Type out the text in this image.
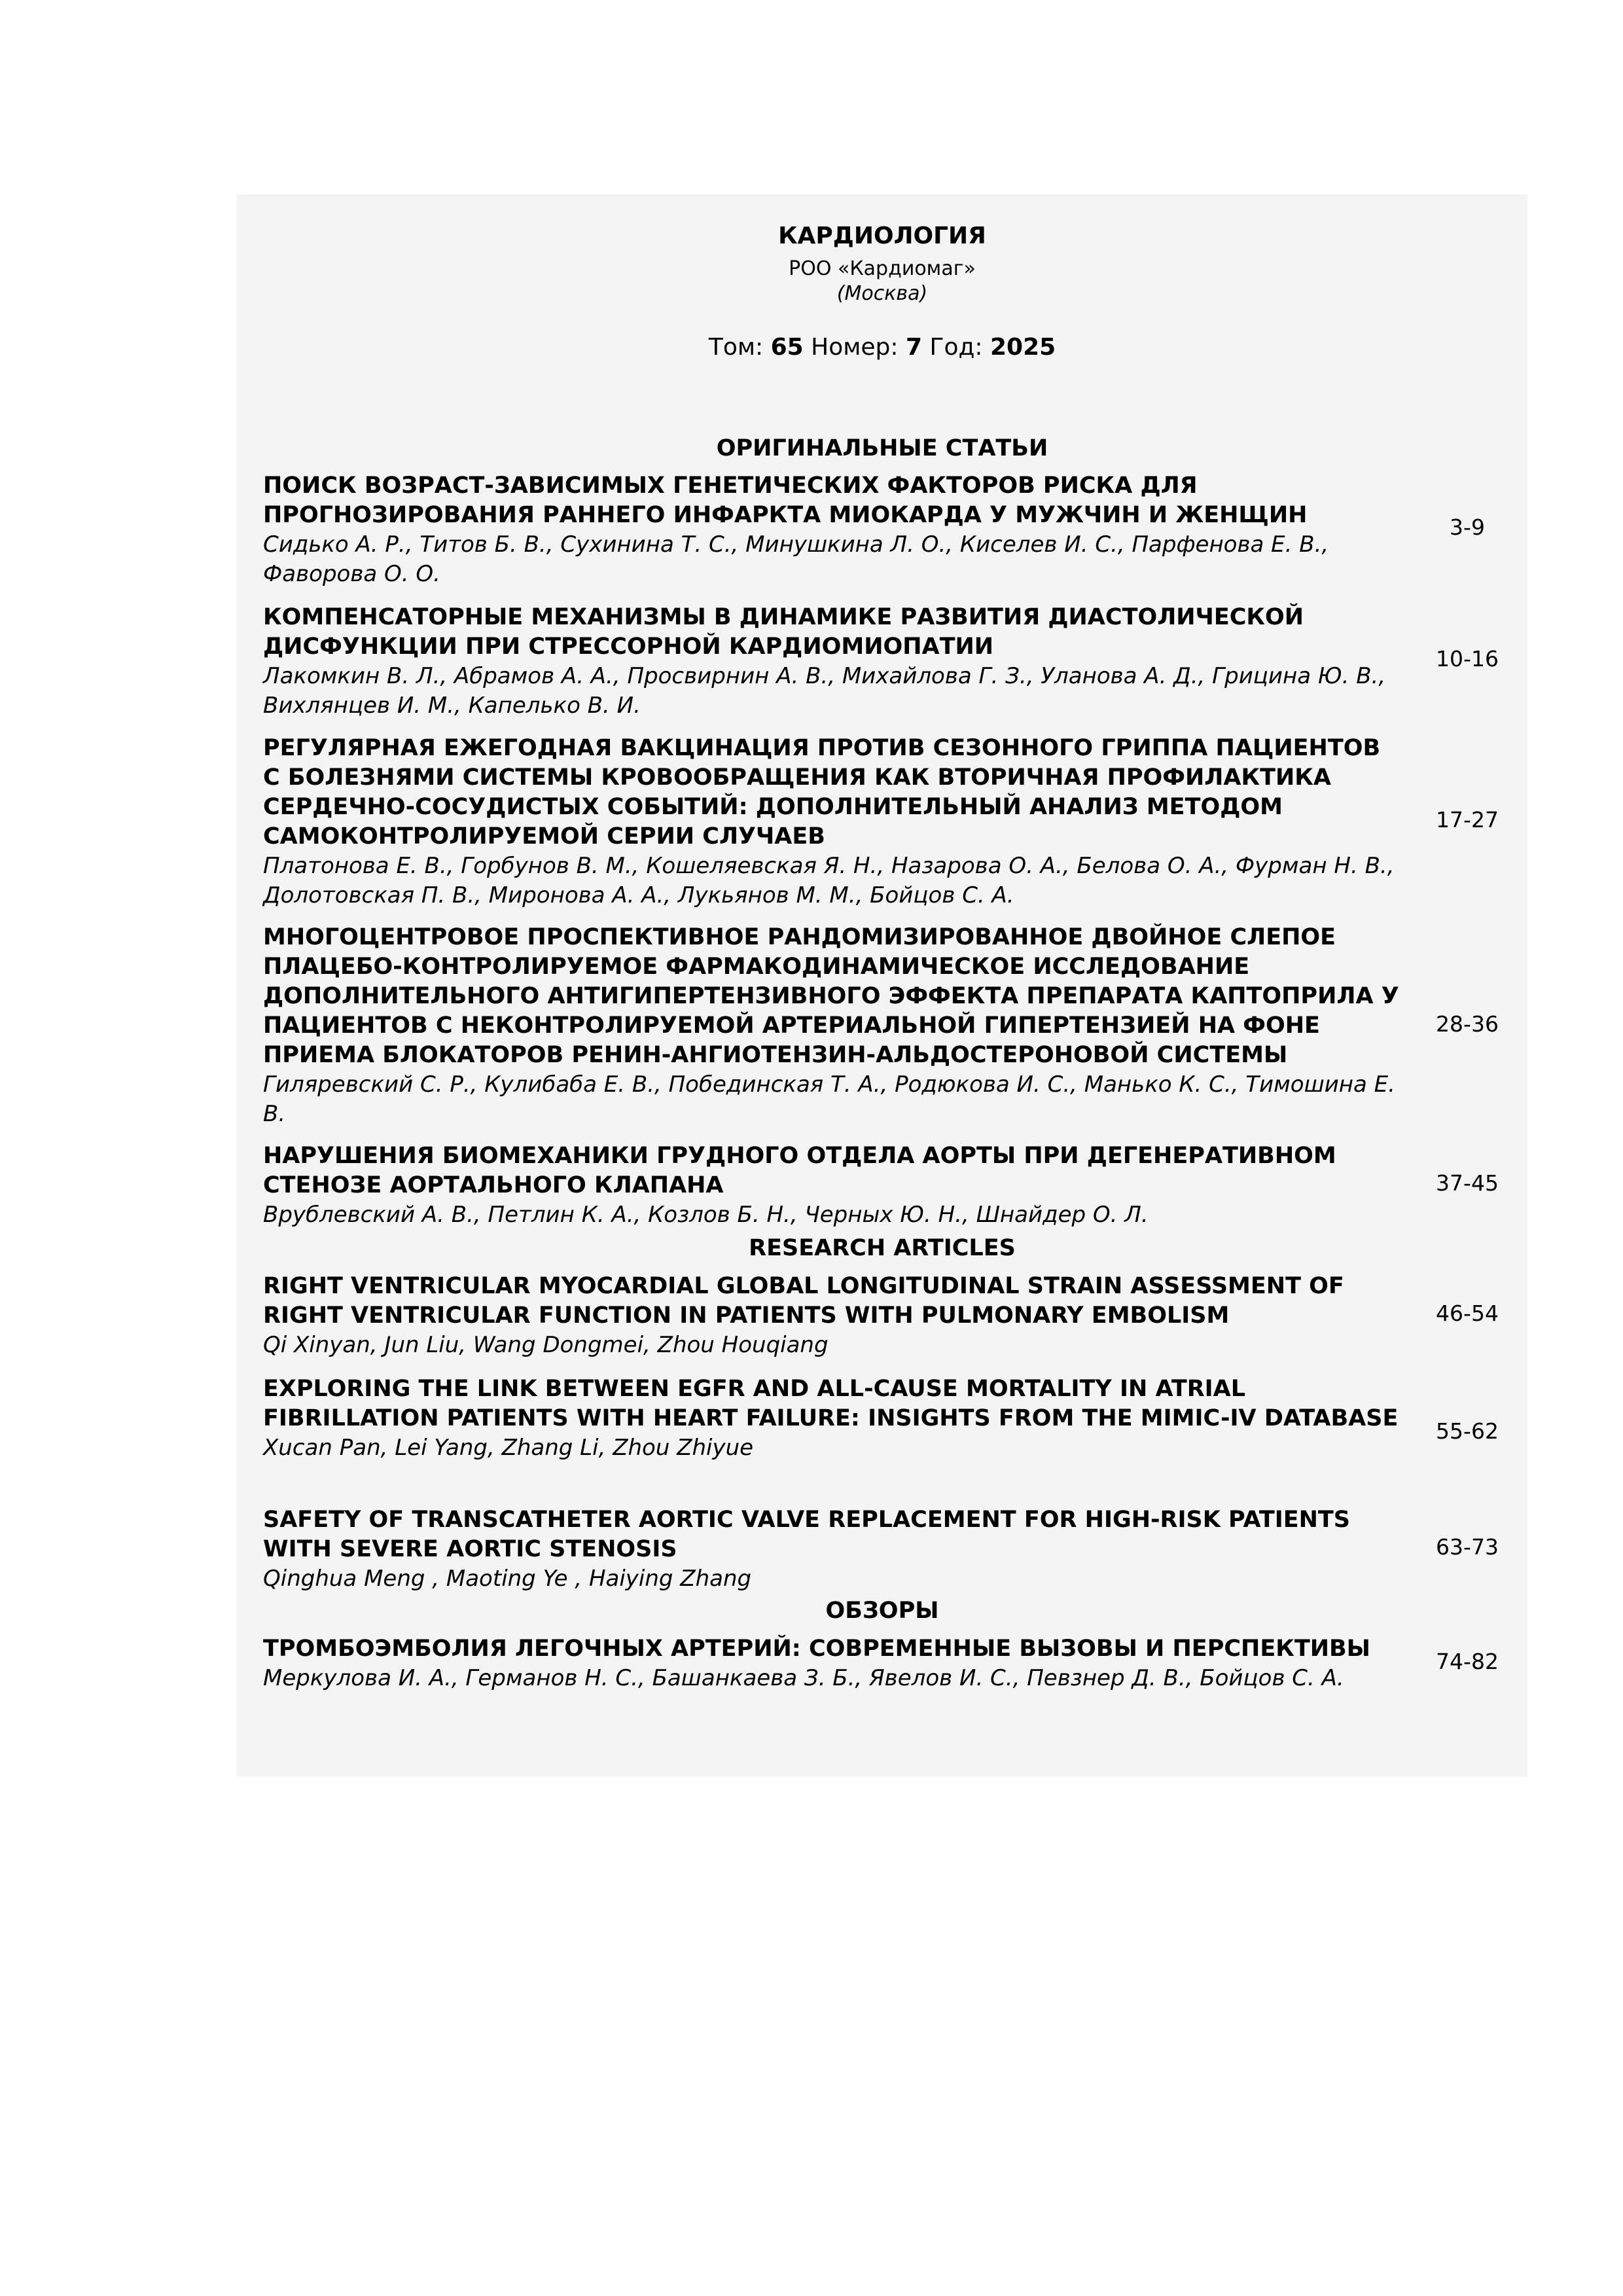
КАРДИОЛОГИЯ
РОО «Кардиомаг»
(Москва)
Том: 65 Номер: 7 Год: 2025
ОРИГИНАЛЬНЫЕ СТАТЬИ
ПОИСК ВОЗРАСТ-ЗАВИСИМЫХ ГЕНЕТИЧЕСКИХ ФАКТОРОВ РИСКА ДЛЯ ПРОГНОЗИРОВАНИЯ РАННЕГО ИНФАРКТА МИОКАРДА У МУЖЧИН И ЖЕНЩИН
Сидько А. Р., Титов Б. В., Сухинина Т. С., Минушкина Л. О., Киселев И. С., Парфенова Е. В., Фаворова О. О.
3-9
КОМПЕНСАТОРНЫЕ МЕХАНИЗМЫ В ДИНАМИКЕ РАЗВИТИЯ ДИАСТОЛИЧЕСКОЙ ДИСФУНКЦИИ ПРИ СТРЕССОРНОЙ КАРДИОМИОПАТИИ
Лакомкин В. Л., Абрамов А. А., Просвирнин А. В., Михайлова Г. З., Уланова А. Д., Грицина Ю. В., Вихлянцев И. М., Капелько В. И.
10-16
РЕГУЛЯРНАЯ ЕЖЕГОДНАЯ ВАКЦИНАЦИЯ ПРОТИВ СЕЗОННОГО ГРИППА ПАЦИЕНТОВ С БОЛЕЗНЯМИ СИСТЕМЫ КРОВООБРАЩЕНИЯ КАК ВТОРИЧНАЯ ПРОФИЛАКТИКА СЕРДЕЧНО-СОСУДИСТЫХ СОБЫТИЙ: ДОПОЛНИТЕЛЬНЫЙ АНАЛИЗ МЕТОДОМ САМОКОНТРОЛИРУЕМОЙ СЕРИИ СЛУЧАЕВ
Платонова Е. В., Горбунов В. М., Кошеляевская Я. Н., Назарова О. А., Белова О. А., Фурман Н. В., Долотовская П. В., Миронова А. А., Лукьянов М. М., Бойцов С. А.
17-27
МНОГОЦЕНТРОВОЕ ПРОСПЕКТИВНОЕ РАНДОМИЗИРОВАННОЕ ДВОЙНОЕ СЛЕПОЕ ПЛАЦЕБО-КОНТРОЛИРУЕМОЕ ФАРМАКОДИНАМИЧЕСКОЕ ИССЛЕДОВАНИЕ ДОПОЛНИТЕЛЬНОГО АНТИГИПЕРТЕНЗИВНОГО ЭФФЕКТА ПРЕПАРАТА КАПТОПРИЛА У ПАЦИЕНТОВ С НЕКОНТРОЛИРУЕМОЙ АРТЕРИАЛЬНОЙ ГИПЕРТЕНЗИЕЙ НА ФОНЕ ПРИЕМА БЛОКАТОРОВ РЕНИН-АНГИОТЕНЗИН-АЛЬДОСТЕРОНОВОЙ СИСТЕМЫ
Гиляревский С. Р., Кулибаба Е. В., Побединская Т. А., Родюкова И. С., Манько К. С., Тимошина Е. В.
28-36
НАРУШЕНИЯ БИОМЕХАНИКИ ГРУДНОГО ОТДЕЛА АОРТЫ ПРИ ДЕГЕНЕРАТИВНОМ СТЕНОЗЕ АОРТАЛЬНОГО КЛАПАНА
Врублевский А. В., Петлин К. А., Козлов Б. Н., Черных Ю. Н., Шнайдер О. Л.
37-45
RESEARCH ARTICLES
RIGHT VENTRICULAR MYOCARDIAL GLOBAL LONGITUDINAL STRAIN ASSESSMENT OF RIGHT VENTRICULAR FUNCTION IN PATIENTS WITH PULMONARY EMBOLISM
Qi Xinyan, Jun Liu, Wang Dongmei, Zhou Houqiang
46-54
EXPLORING THE LINK BETWEEN EGFR AND ALL-CAUSE MORTALITY IN ATRIAL FIBRILLATION PATIENTS WITH HEART FAILURE: INSIGHTS FROM THE MIMIC-IV DATABASE
Xucan Pan, Lei Yang, Zhang Li, Zhou Zhiyue
55-62
SAFETY OF TRANSCATHETER AORTIC VALVE REPLACEMENT FOR HIGH-RISK PATIENTS WITH SEVERE AORTIC STENOSIS
Qinghua Meng , Maoting Ye , Haiying Zhang
63-73
ОБЗОРЫ
ТРОМБОЭМБОЛИЯ ЛЕГОЧНЫХ АРТЕРИЙ: СОВРЕМЕННЫЕ ВЫЗОВЫ И ПЕРСПЕКТИВЫ
Меркулова И. А., Германов Н. С., Башанкаева З. Б., Явелов И. С., Певзнер Д. В., Бойцов С. А.
74-82
